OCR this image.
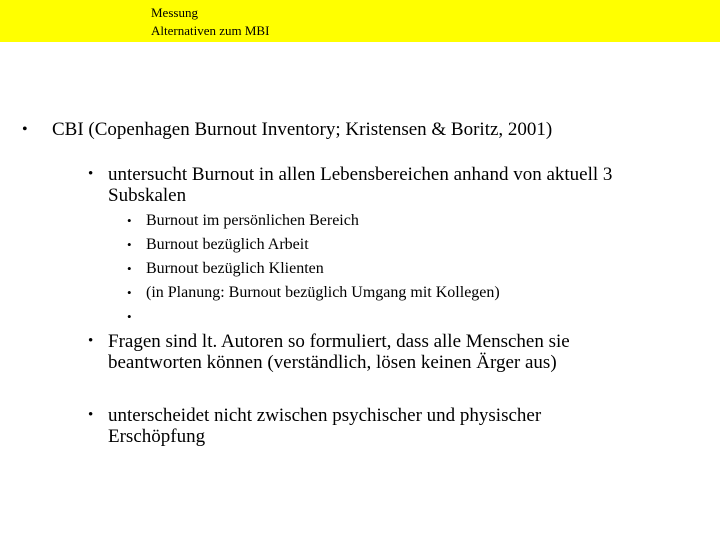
Messung
Alternativen zum MBI
• CBI (Copenhagen Burnout Inventory; Kristensen & Boritz, 2001)
• untersucht Burnout in allen Lebensbereichen anhand von aktuell 3
Subskalen
• Burnout im persönlichen Bereich
• Burnout bezüglich Arbeit
• Burnout bezüglich Klienten
• (in Planung: Burnout bezüglich Umgang mit Kollegen)
•
• Fragen sind lt. Autoren so formuliert, dass alle Menschen sie
beantworten können (verständlich, lösen keinen Ärger aus)
• unterscheidet nicht zwischen psychischer und physischer
Erschöpfung
